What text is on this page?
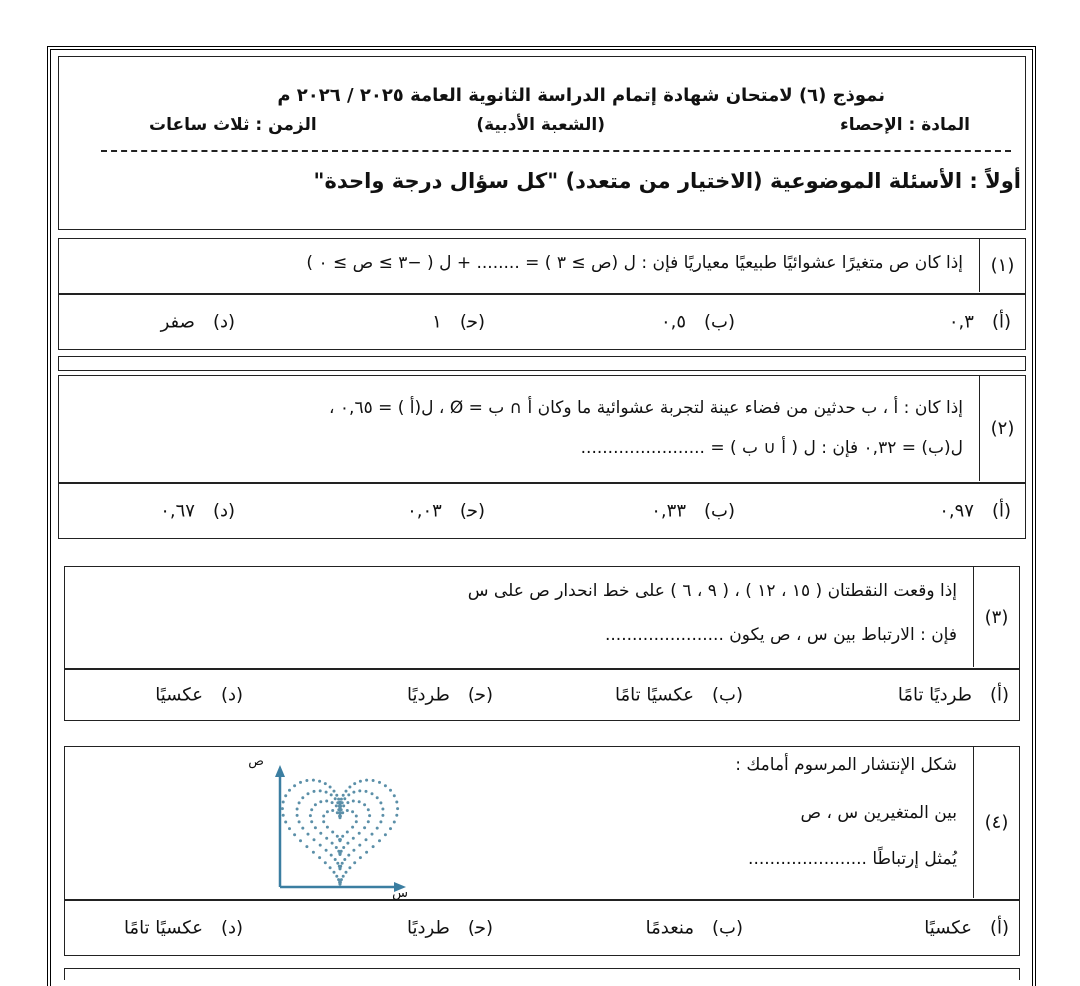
نموذج (٦) لامتحان شهادة إتمام الدراسة الثانوية العامة ٢٠٢٥ / ٢٠٢٦ م
المادة : الإحصاء
(الشعبة الأدبية)
الزمن : ثلاث ساعات
أولاً : الأسئلة الموضوعية (الاختيار من متعدد) "كل سؤال درجة واحدة"
(١)
إذا كان ص متغيرًا عشوائيًا طبيعيًا معياريًا فإن : ل (ص ≥ ٣ ) = ........ + ل ( −٣ ≥ ص ≥ ٠ )
(أ)٠,٣
(ب)٠,٥
(ﺣ)١
(د)صفر
(٢)
إذا كان : أ ، ب حدثين من فضاء عينة لتجربة عشوائية ما وكان أ ∩ ب = Ø ، ل(أ ) = ٠,٦٥ ،
ل(ب) = ٠,٣٢ فإن : ل ( أ ∪ ب ) = .......................
(أ)٠,٩٧
(ب)٠,٣٣
(ﺣ)٠,٠٣
(د)٠,٦٧
(٣)
إذا وقعت النقطتان ( ١٥ ، ١٢ ) ، ( ٩ ، ٦ ) على خط انحدار ص على س
فإن : الارتباط بين س ، ص يكون ......................
(أ)طرديًا تامًا
(ب)عكسيًا تامًا
(ﺣ)طرديًا
(د)عكسيًا
(٤)
شكل الإنتشار المرسوم أمامك :
بين المتغيرين س ، ص
يُمثل إرتباطًا ......................
ص
س
(أ)عكسيًا
(ب)منعدمًا
(ﺣ)طرديًا
(د)عكسيًا تامًا
